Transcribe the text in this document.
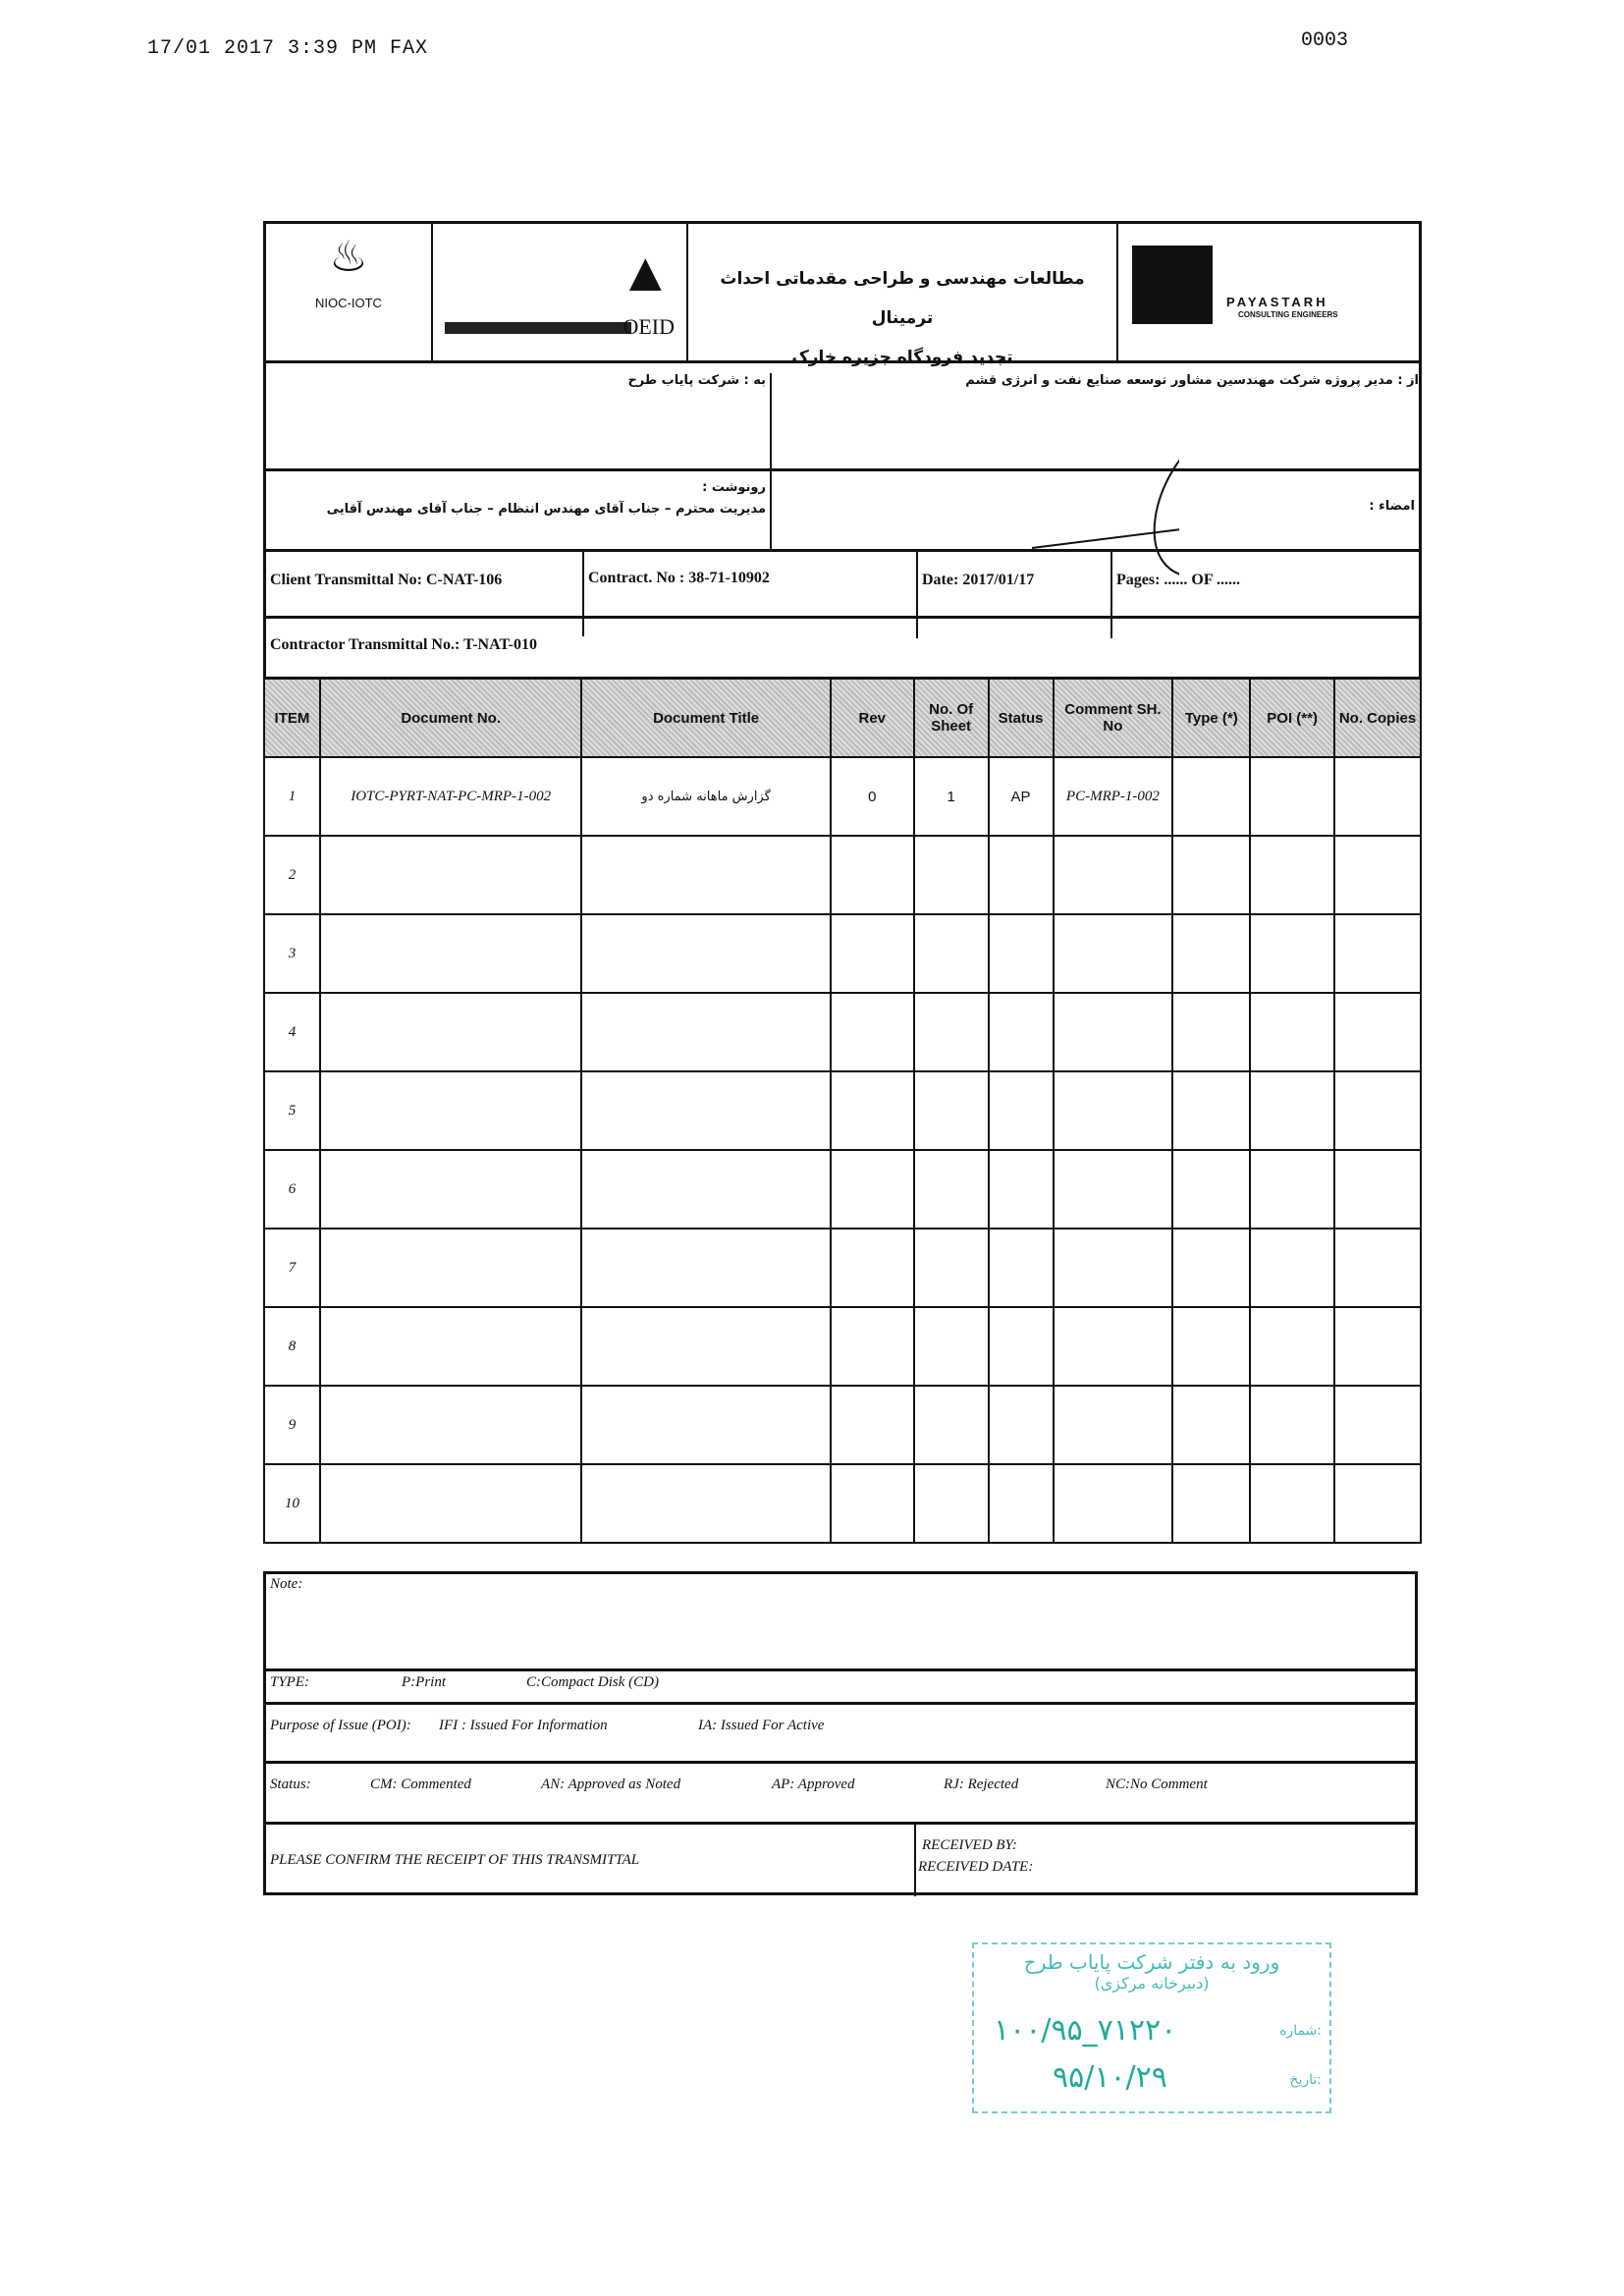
17/01 2017 3:39 PM FAX	0003
♨
NIOC-IOTC	▲
OEID
مطالعات مهندسی و طراحی مقدماتی احداث ترمینال
تجدید فرودگاه جزیره خارک
PAYASTARH
CONSULTING ENGINEERS
به : شرکت پایاب طرح	از : مدیر پروژه شرکت مهندسین مشاور توسعه صنایع نفت و انرژی قشم
رونوشت :
مدیریت محترم – جناب آقای مهندس انتظام – جناب آقای مهندس آقایی	امضاء :
Client Transmittal No: C-NAT-106	Contract. No : 38-71-10902	Date: 2017/01/17	Pages: ...... OF ......
Contractor Transmittal No.: T-NAT-010
ITEM	Document No.	Document Title	Rev	No. Of Sheet	Status	Comment SH. No	Type (*)	POI (**)	No. Copies
1	IOTC-PYRT-NAT-PC-MRP-1-002	گزارش ماهانه شماره دو	0	1	AP	PC-MRP-1-002			
2									
3									
4									
5									
6									
7									
8									
9									
10									
Note:
TYPE:	P:Print	C:Compact Disk (CD)
Purpose of Issue (POI): IFI : Issued For Information	IA: Issued For Active
Status:	CM: Commented	AN: Approved as Noted	AP: Approved	RJ: Rejected	NC:No Comment
PLEASE CONFIRM THE RECEIPT OF THIS TRANSMITTAL
RECEIVED BY:
RECEIVED DATE:
ورود به دفتر شرکت پایاب طرح
(دبیرخانه مرکزی)
شماره:
۱۰۰/۹۵_۷۱۲۲۰
تاریخ:
۹۵/۱۰/۲۹
